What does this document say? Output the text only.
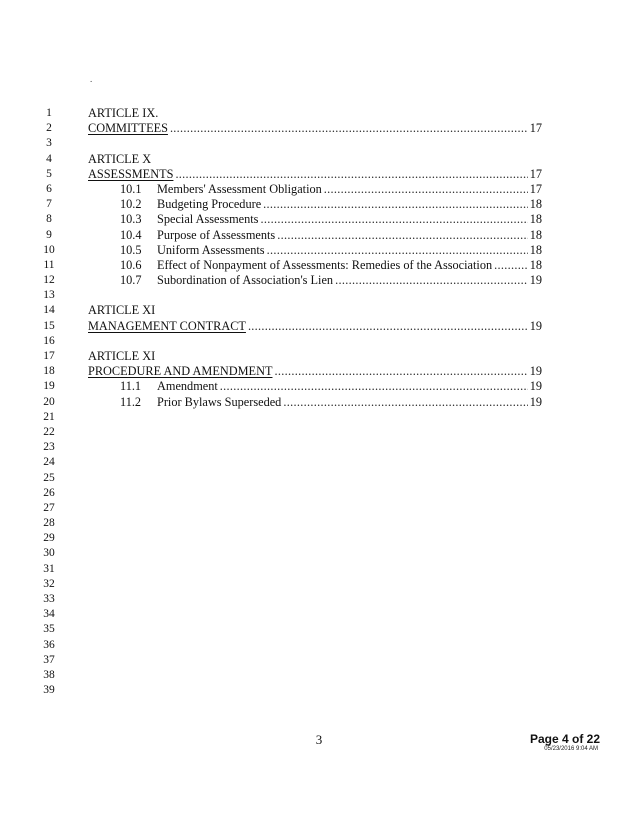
.
1	ARTICLE IX.
2	COMMITTEES .....	17
3
4	ARTICLE X
5	ASSESSMENTS .....	17
6	10.1	Members' Assessment Obligation .....	17
7	10.2	Budgeting Procedure .....	18
8	10.3	Special Assessments .....	18
9	10.4	Purpose of Assessments .....	18
10	10.5	Uniform Assessments .....	18
11	10.6	Effect of Nonpayment of Assessments: Remedies of the Association .....	18
12	10.7	Subordination of Association's Lien .....	19
13
14	ARTICLE XI
15	MANAGEMENT CONTRACT .....	19
16
17	ARTICLE XI
18	PROCEDURE AND AMENDMENT .....	19
19	11.1	Amendment .....	19
20	11.2	Prior Bylaws Superseded .....	19
21
22
23
24
25
26
27
28
29
30
31
32
33
34
35
36
37
38
39
3	Page 4 of 22
05/23/2016 9:04 AM
